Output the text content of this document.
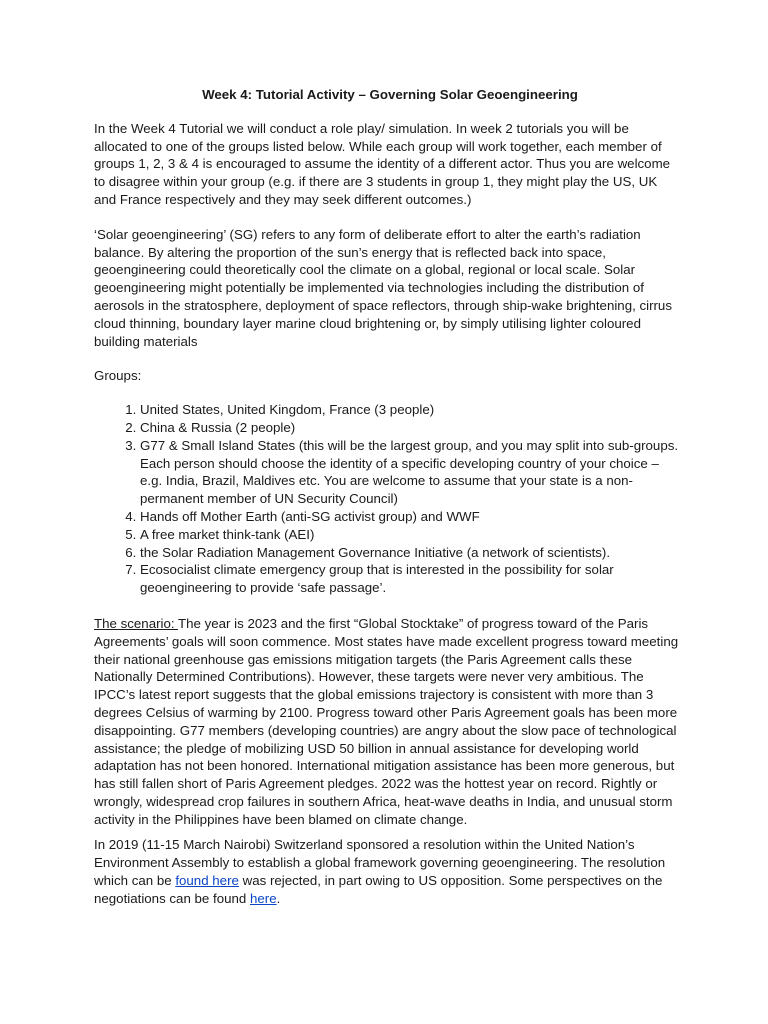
Week 4: Tutorial Activity – Governing Solar Geoengineering

In the Week 4 Tutorial we will conduct a role play/ simulation. In week 2 tutorials you will be allocated to one of the groups listed below. While each group will work together, each member of groups 1, 2, 3 & 4 is encouraged to assume the identity of a different actor. Thus you are welcome to disagree within your group (e.g. if there are 3 students in group 1, they might play the US, UK and France respectively and they may seek different outcomes.)

‘Solar geoengineering’ (SG) refers to any form of deliberate effort to alter the earth’s radiation balance. By altering the proportion of the sun’s energy that is reflected back into space, geoengineering could theoretically cool the climate on a global, regional or local scale. Solar geoengineering might potentially be implemented via technologies including the distribution of aerosols in the stratosphere, deployment of space reflectors, through ship-wake brightening, cirrus cloud thinning, boundary layer marine cloud brightening or, by simply utilising lighter coloured building materials

Groups:

1. United States, United Kingdom, France (3 people)
2. China & Russia (2 people)
3. G77 & Small Island States (this will be the largest group, and you may split into sub-groups. Each person should choose the identity of a specific developing country of your choice – e.g. India, Brazil, Maldives etc. You are welcome to assume that your state is a non-permanent member of UN Security Council)
4. Hands off Mother Earth (anti-SG activist group) and WWF
5. A free market think-tank (AEI)
6. the Solar Radiation Management Governance Initiative (a network of scientists).
7. Ecosocialist climate emergency group that is interested in the possibility for solar geoengineering to provide ‘safe passage’.

The scenario: The year is 2023 and the first “Global Stocktake” of progress toward of the Paris Agreements’ goals will soon commence. Most states have made excellent progress toward meeting their national greenhouse gas emissions mitigation targets (the Paris Agreement calls these Nationally Determined Contributions). However, these targets were never very ambitious. The IPCC’s latest report suggests that the global emissions trajectory is consistent with more than 3 degrees Celsius of warming by 2100. Progress toward other Paris Agreement goals has been more disappointing. G77 members (developing countries) are angry about the slow pace of technological assistance; the pledge of mobilizing USD 50 billion in annual assistance for developing world adaptation has not been honored. International mitigation assistance has been more generous, but has still fallen short of Paris Agreement pledges. 2022 was the hottest year on record. Rightly or wrongly, widespread crop failures in southern Africa, heat-wave deaths in India, and unusual storm activity in the Philippines have been blamed on climate change.

In 2019 (11-15 March Nairobi) Switzerland sponsored a resolution within the United Nation’s Environment Assembly to establish a global framework governing geoengineering. The resolution which can be found here was rejected, in part owing to US opposition. Some perspectives on the negotiations can be found here.
